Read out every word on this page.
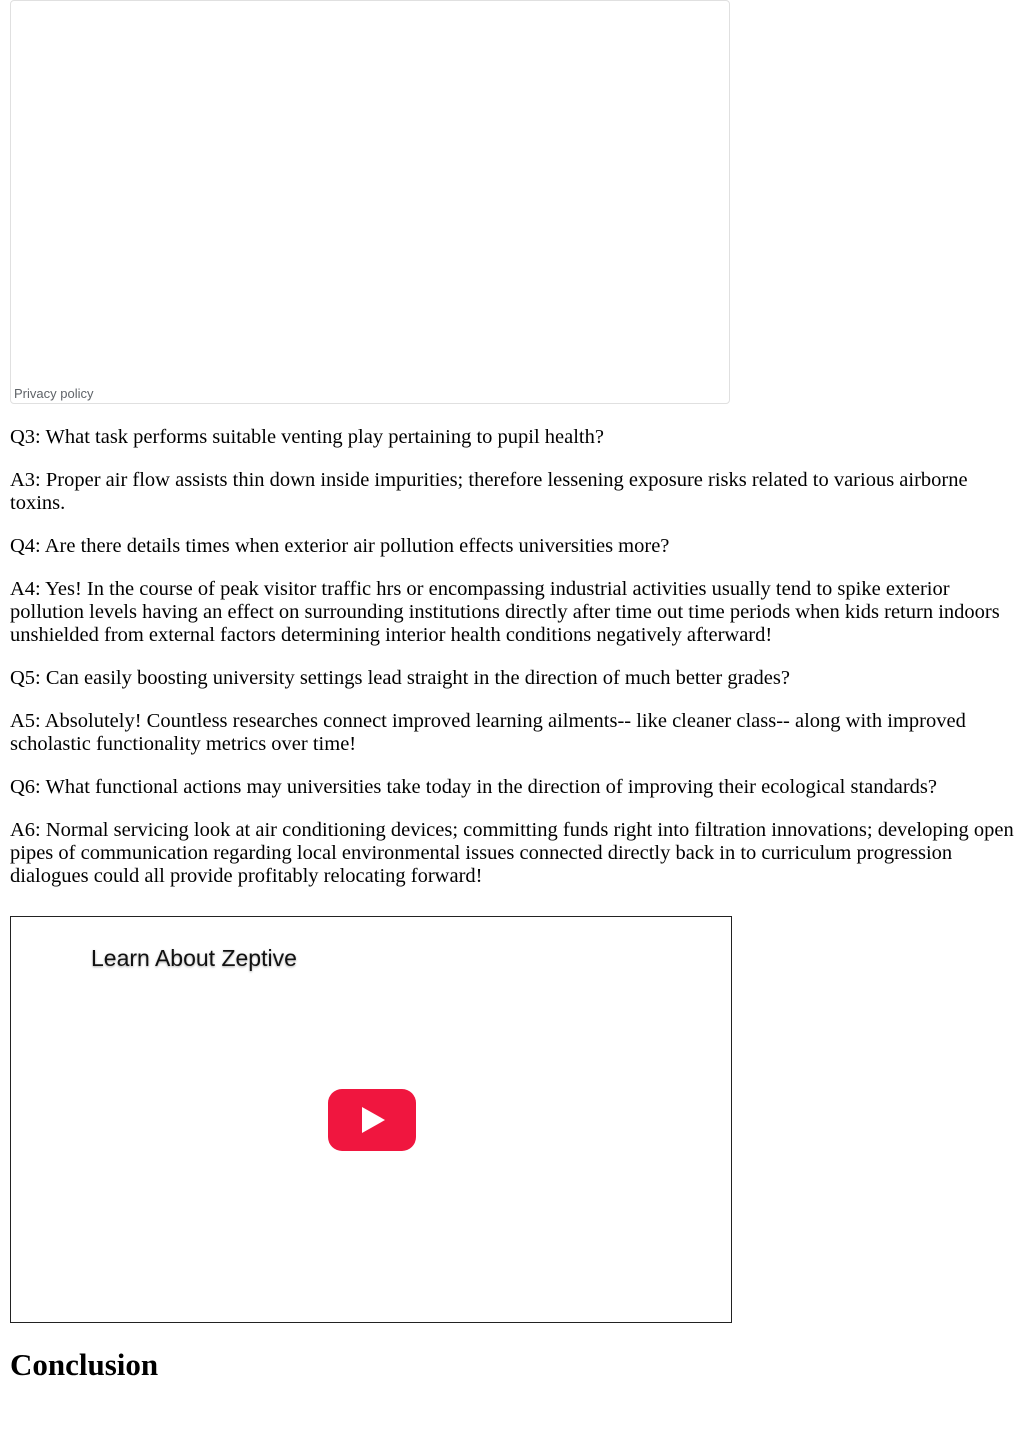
Privacy policy

Q3: What task performs suitable venting play pertaining to pupil health?

A3: Proper air flow assists thin down inside impurities; therefore lessening exposure risks related to various airborne toxins.

Q4: Are there details times when exterior air pollution effects universities more?

A4: Yes! In the course of peak visitor traffic hrs or encompassing industrial activities usually tend to spike exterior pollution levels having an effect on surrounding institutions directly after time out time periods when kids return indoors unshielded from external factors determining interior health conditions negatively afterward!

Q5: Can easily boosting university settings lead straight in the direction of much better grades?

A5: Absolutely! Countless researches connect improved learning ailments-- like cleaner class-- along with improved scholastic functionality metrics over time!

Q6: What functional actions may universities take today in the direction of improving their ecological standards?

A6: Normal servicing look at air conditioning devices; committing funds right into filtration innovations; developing open pipes of communication regarding local environmental issues connected directly back in to curriculum progression dialogues could all provide profitably relocating forward!

Learn About Zeptive
Conclusion
